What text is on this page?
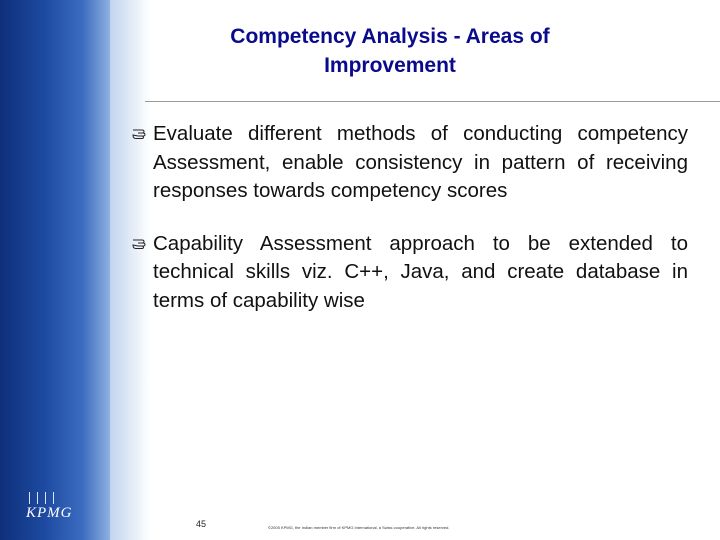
KPMG
Competency Analysis - Areas of
Improvement
Evaluate different methods of conducting competency Assessment, enable consistency in pattern of receiving responses towards competency scores
Capability Assessment approach to be extended to technical skills viz. C++, Java, and create database in terms of capability wise
45	©2005 KPMG, the Indian member firm of KPMG International, a Swiss cooperative. All rights reserved.
